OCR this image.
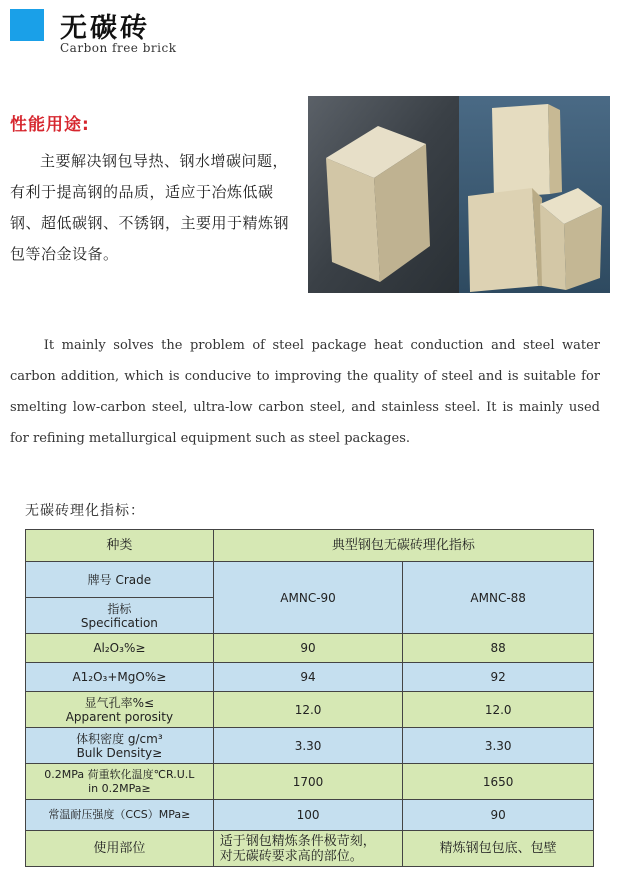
无碳砖
Carbon free brick
性能用途:

主要解决钢包导热、钢水增碳问题，有利于提高钢的品质，适应于冶炼低碳钢、超低碳钢、不锈钢，主要用于精炼钢包等冶金设备。

It mainly solves the problem of steel package heat conduction and steel water carbon addition, which is conducive to improving the quality of steel and is suitable for smelting low-carbon steel, ultra-low carbon steel, and stainless steel. It is mainly used for refining metallurgical equipment such as steel packages.

无碳砖理化指标：
种类	典型钢包无碳砖理化指标	
牌号 Crade	AMNC-90	AMNC-88

指标
Specification		

Al₂O₃%≥	90	88
A1₂O₃+MgO%≥	94	92

显气孔率%≤
Apparent porosity	12.0	12.0

体积密度 g/cm³
Bulk Density≥	3.30	3.30

0.2MPa 荷重软化温度℃R.U.L
in 0.2MPa≥	1700	1650
常温耐压强度（CCS）MPa≥	100	90
使用部位	适于钢包精炼条件极苛刻，
对无碳砖要求高的部位。	精炼钢包包底、包壁
